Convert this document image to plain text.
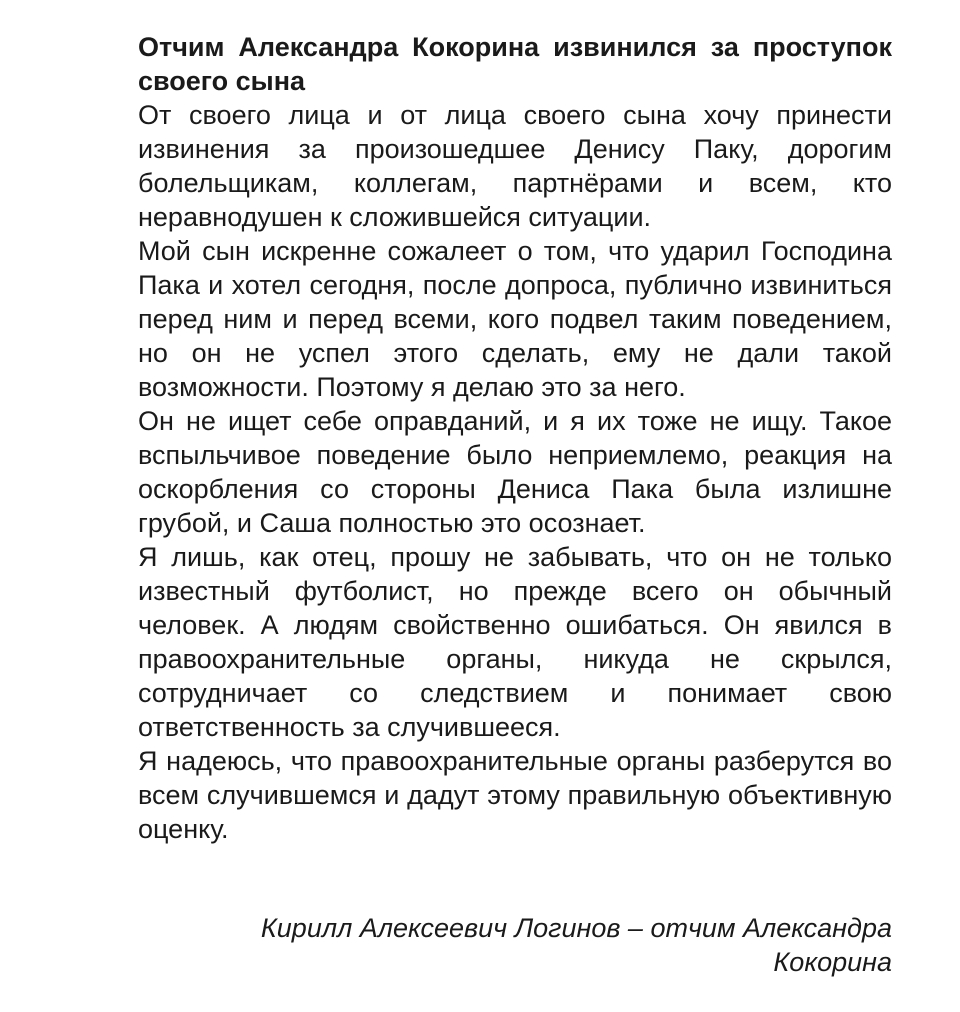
Отчим Александра Кокорина извинился за проступок своего сына

От своего лица и от лица своего сына хочу принести извинения за произошедшее Денису Паку, дорогим болельщикам, коллегам, партнёрами и всем, кто неравнодушен к сложившейся ситуации.

Мой сын искренне сожалеет о том, что ударил Господина Пака и хотел сегодня, после допроса, публично извиниться перед ним и перед всеми, кого подвел таким поведением, но он не успел этого сделать, ему не дали такой возможности. Поэтому я делаю это за него.

Он не ищет себе оправданий, и я их тоже не ищу. Такое вспыльчивое поведение было неприемлемо, реакция на оскорбления со стороны Дениса Пака была излишне грубой, и Саша полностью это осознает.

Я лишь, как отец, прошу не забывать, что он не только известный футболист, но прежде всего он обычный человек. А людям свойственно ошибаться. Он явился в правоохранительные органы, никуда не скрылся, сотрудничает со следствием и понимает свою ответственность за случившееся.

Я надеюсь, что правоохранительные органы разберутся во всем случившемся и дадут этому правильную объективную оценку.

Кирилл Алексеевич Логинов – отчим Александра
Кокорина
